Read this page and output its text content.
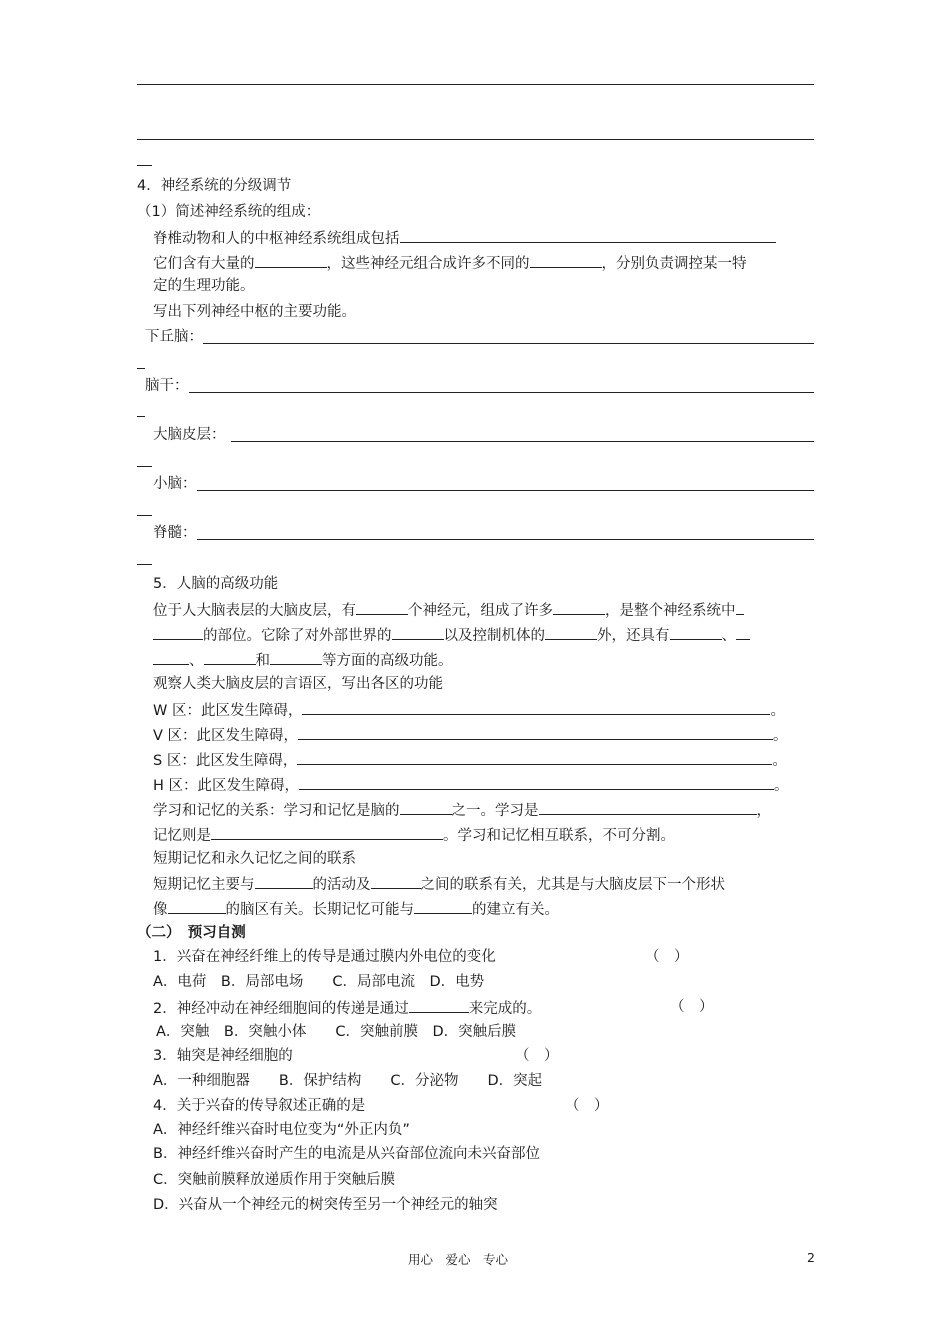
4．神经系统的分级调节
（1）简述神经系统的组成：
脊椎动物和人的中枢神经系统组成包括
它们含有大量的	，这些神经元组合成许多不同的	，分别负责调控某一特
定的生理功能。
写出下列神经中枢的主要功能。
下丘脑：
脑干：
大脑皮层：
小脑：
脊髓：
5．人脑的高级功能
位于人大脑表层的大脑皮层，有	个神经元，组成了许多	，是整个神经系统中
的部位。它除了对外部世界的	以及控制机体的	外，还具有	、
、	和	等方面的高级功能。
观察人类大脑皮层的言语区，写出各区的功能
W 区：此区发生障碍，	。
V 区：此区发生障碍，	。
S 区：此区发生障碍，	。
H 区：此区发生障碍，	。
学习和记忆的关系：学习和记忆是脑的	之一。学习是	，
记忆则是	。学习和记忆相互联系，不可分割。
短期记忆和永久记忆之间的联系
短期记忆主要与	的活动及	之间的联系有关，尤其是与大脑皮层下一个形状
像	的脑区有关。长期记忆可能与	的建立有关。
（二）　预习自测
1．兴奋在神经纤维上的传导是通过膜内外电位的变化	（　）
A．电荷　B．局部电场　　C．局部电流　D．电势
2．神经冲动在神经细胞间的传递是通过	来完成的。	（　）
A．突触　B．突触小体　　C．突触前膜　D．突触后膜
3．轴突是神经细胞的	（　）
A．一种细胞器　　B．保护结构　　C．分泌物　　D．突起
4．关于兴奋的传导叙述正确的是	（　）
A．神经纤维兴奋时电位变为“外正内负”
B．神经纤维兴奋时产生的电流是从兴奋部位流向未兴奋部位
C．突触前膜释放递质作用于突触后膜
D．兴奋从一个神经元的树突传至另一个神经元的轴突
用心　爱心　专心	2
